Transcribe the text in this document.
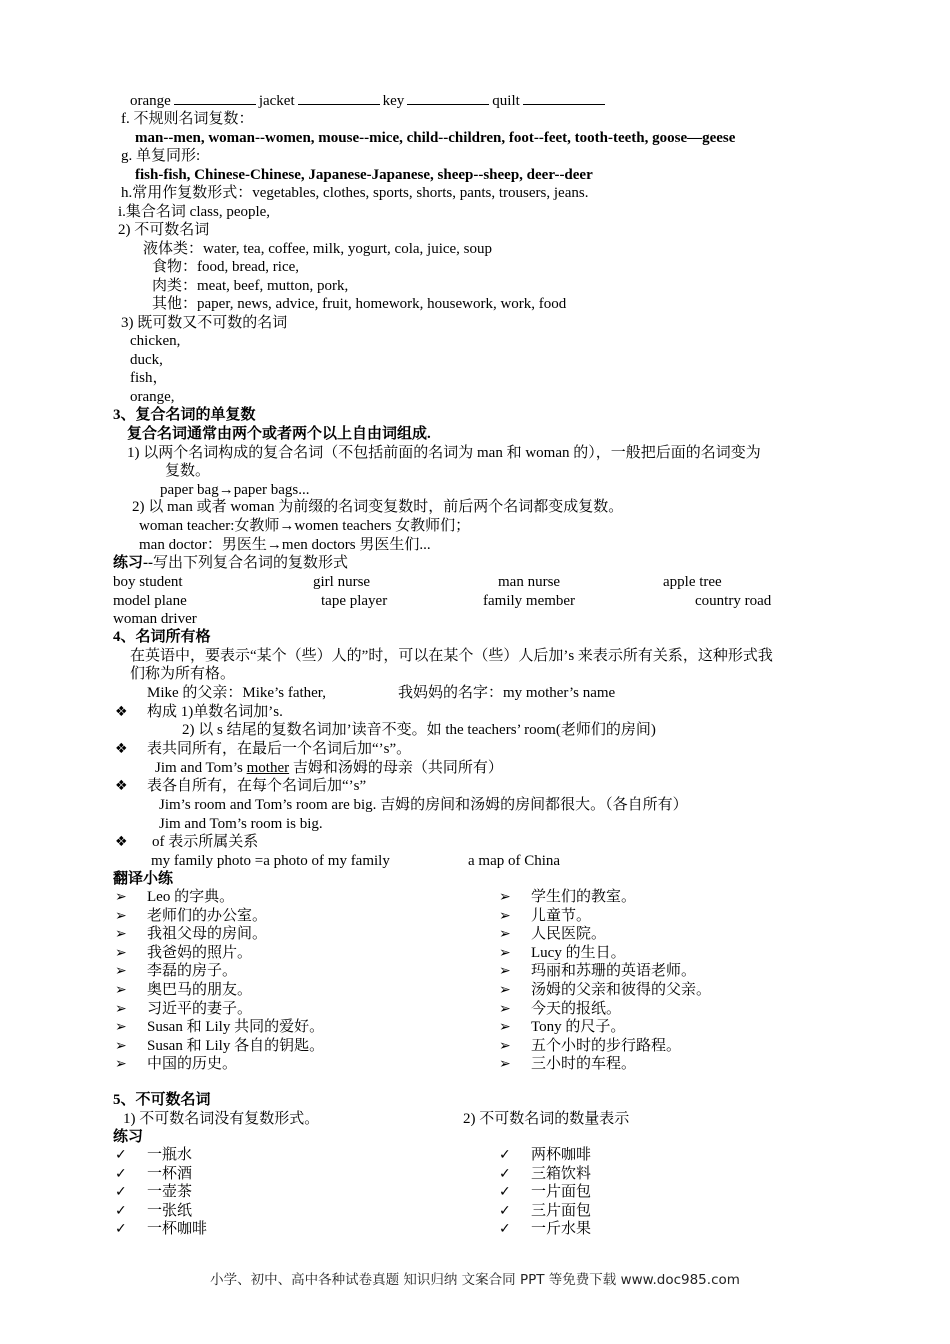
orange	jacket	key	quilt
f. 不规则名词复数：
man--men, woman--women, mouse--mice, child--children, foot--feet, tooth-teeth, goose—geese
g. 单复同形:
fish-fish, Chinese-Chinese, Japanese-Japanese, sheep--sheep, deer--deer
h.常用作复数形式：vegetables, clothes, sports, shorts, pants, trousers, jeans.
i.集合名词 class, people,
2) 不可数名词
液体类：water, tea, coffee, milk, yogurt, cola, juice, soup
食物：food, bread, rice,
肉类：meat, beef, mutton, pork,
其他：paper, news, advice, fruit, homework, housework, work, food
3) 既可数又不可数的名词
chicken,
duck,
fish，
orange,
3、复合名词的单复数
复合名词通常由两个或者两个以上自由词组成.
1) 以两个名词构成的复合名词（不包括前面的名词为 man 和 woman 的），一般把后面的名词变为
复数。
paper bag→paper bags...
2) 以 man 或者 woman 为前缀的名词变复数时，前后两个名词都变成复数。
woman teacher:女教师→women teachers 女教师们；
man doctor：男医生→men doctors 男医生们...
练习--写出下列复合名词的复数形式
boy student	girl nurse	man nurse	apple tree
model plane	tape player	family member	country road
woman driver
4、名词所有格
在英语中，要表示“某个（些）人的”时，可以在某个（些）人后加’s 来表示所有关系，这种形式我
们称为所有格。
Mike 的父亲：Mike’s father,	我妈妈的名字：my mother’s name
❖ 构成 1)单数名词加’s.
2) 以 s 结尾的复数名词加’读音不变。如 the teachers’ room(老师们的房间)
❖ 表共同所有，在最后一个名词后加“’s”。
Jim and Tom’s mother 吉姆和汤姆的母亲（共同所有）
❖ 表各自所有，在每个名词后加“’s”
Jim’s room and Tom’s room are big. 吉姆的房间和汤姆的房间都很大。（各自所有）
Jim and Tom’s room is big.
❖ of 表示所属关系
my family photo =a photo of my family	a map of China
翻译小练
➢ Leo 的字典。
➢ 老师们的办公室。
➢ 我祖父母的房间。
➢ 我爸妈的照片。
➢ 李磊的房子。
➢ 奥巴马的朋友。
➢ 习近平的妻子。
➢ Susan 和 Lily 共同的爱好。
➢ Susan 和 Lily 各自的钥匙。
➢ 中国的历史。
➢ 学生们的教室。
➢ 儿童节。
➢ 人民医院。
➢ Lucy 的生日。
➢ 玛丽和苏珊的英语老师。
➢ 汤姆的父亲和彼得的父亲。
➢ 今天的报纸。
➢ Tony 的尺子。
➢ 五个小时的步行路程。
➢ 三小时的车程。
5、不可数名词
1) 不可数名词没有复数形式。	2) 不可数名词的数量表示
练习
✓ 一瓶水
✓ 一杯酒
✓ 一壶茶
✓ 一张纸
✓ 一杯咖啡
✓ 两杯咖啡
✓ 三箱饮料
✓ 一片面包
✓ 三片面包
✓ 一斤水果
小学、初中、高中各种试卷真题 知识归纳 文案合同 PPT 等免费下载 www.doc985.com
